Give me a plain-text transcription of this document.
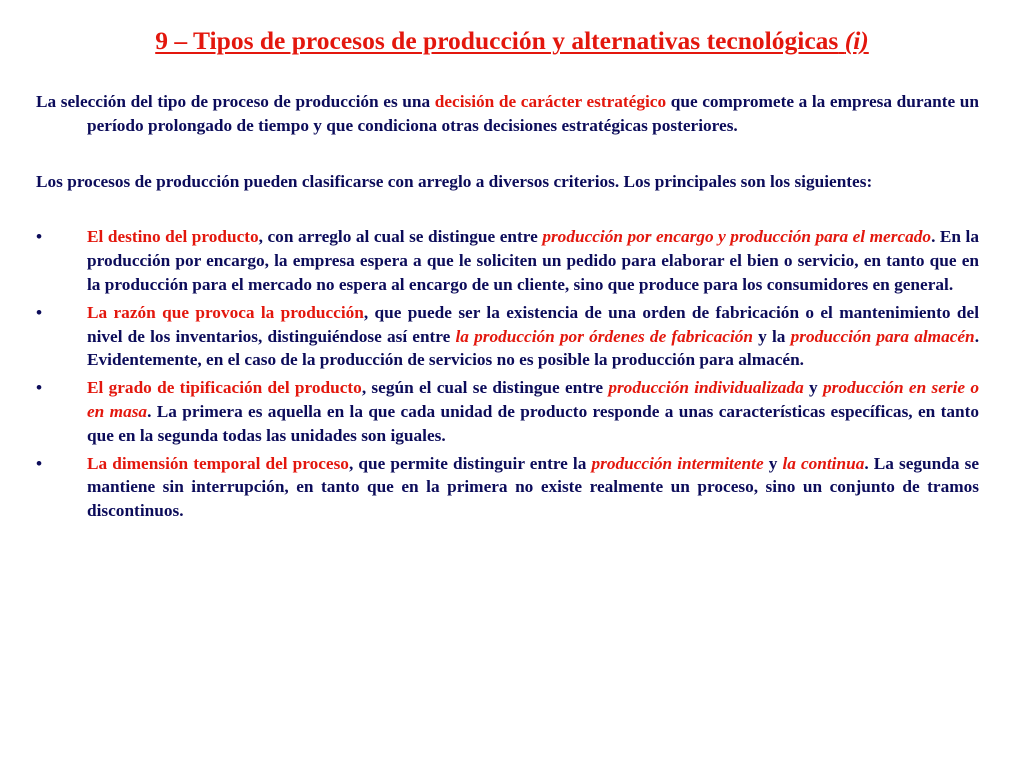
9 – Tipos de procesos de producción y alternativas tecnológicas (i)

La selección del tipo de proceso de producción es una decisión de carácter estratégico que compromete a la empresa durante un período prolongado de tiempo y que condiciona otras decisiones estratégicas posteriores.

Los procesos de producción pueden clasificarse con arreglo a diversos criterios. Los principales son los siguientes:

•	El destino del producto, con arreglo al cual se distingue entre producción por encargo y producción para el mercado. En la producción por encargo, la empresa espera a que le soliciten un pedido para elaborar el bien o servicio, en tanto que en la producción para el mercado no espera al encargo de un cliente, sino que produce para los consumidores en general.

•	La razón que provoca la producción, que puede ser la existencia de una orden de fabricación o el mantenimiento del nivel de los inventarios, distinguiéndose así entre la producción por órdenes de fabricación y la producción para almacén. Evidentemente, en el caso de la producción de servicios no es posible la producción para almacén.

•	El grado de tipificación del producto, según el cual se distingue entre producción individualizada y producción en serie o en masa. La primera es aquella en la que cada unidad de producto responde a unas características específicas, en tanto que en la segunda todas las unidades son iguales.

•	La dimensión temporal del proceso, que permite distinguir entre la producción intermitente y la continua. La segunda se mantiene sin interrupción, en tanto que en la primera no existe realmente un proceso, sino un conjunto de tramos discontinuos.
